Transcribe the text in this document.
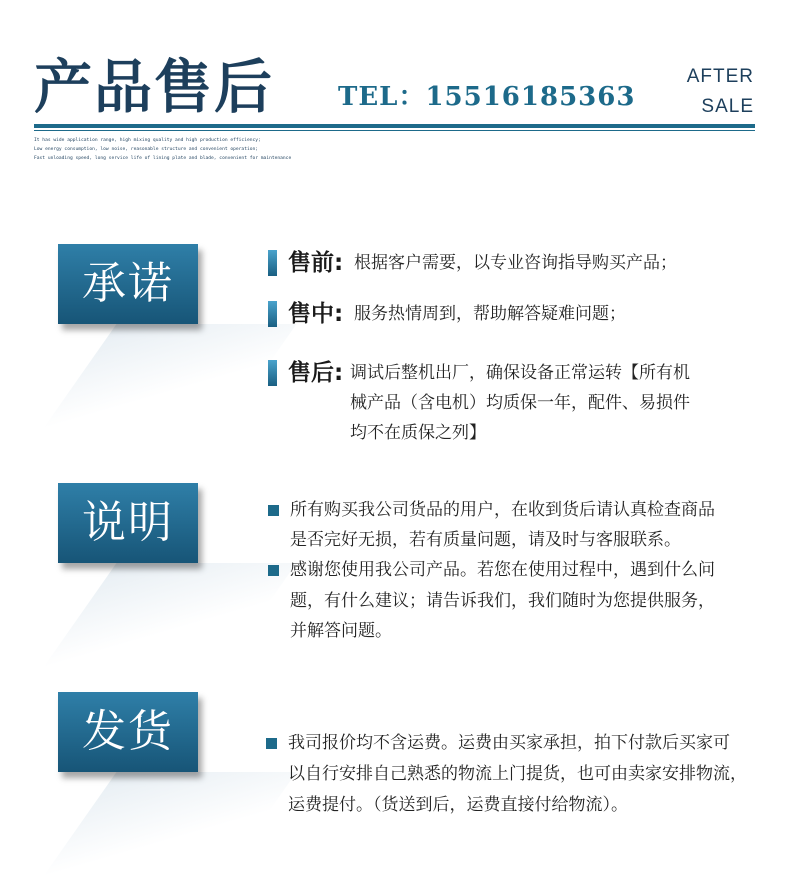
产品售后 TEL：15516185363
AFTER
SALE
It has wide application range, high mixing quality and high production efficiency;
Low energy consumption, low noise, reasonable structure and convenient operation;
Fast unloading speed, long service life of lining plate and blade, convenient for maintenance
承诺	售前: 根据客户需要，以专业咨询指导购买产品；
售中: 服务热情周到，帮助解答疑难问题；
售后: 调试后整机出厂，确保设备正常运转【所有机
械产品（含电机）均质保一年，配件、易损件
均不在质保之列】
说明	所有购买我公司货品的用户，在收到货后请认真检查商品
是否完好无损，若有质量问题，请及时与客服联系。
感谢您使用我公司产品。若您在使用过程中，遇到什么问
题，有什么建议；请告诉我们，我们随时为您提供服务，
并解答问题。
发货	我司报价均不含运费。运费由买家承担，拍下付款后买家可
以自行安排自己熟悉的物流上门提货，也可由卖家安排物流，
运费提付。（货送到后，运费直接付给物流）。
